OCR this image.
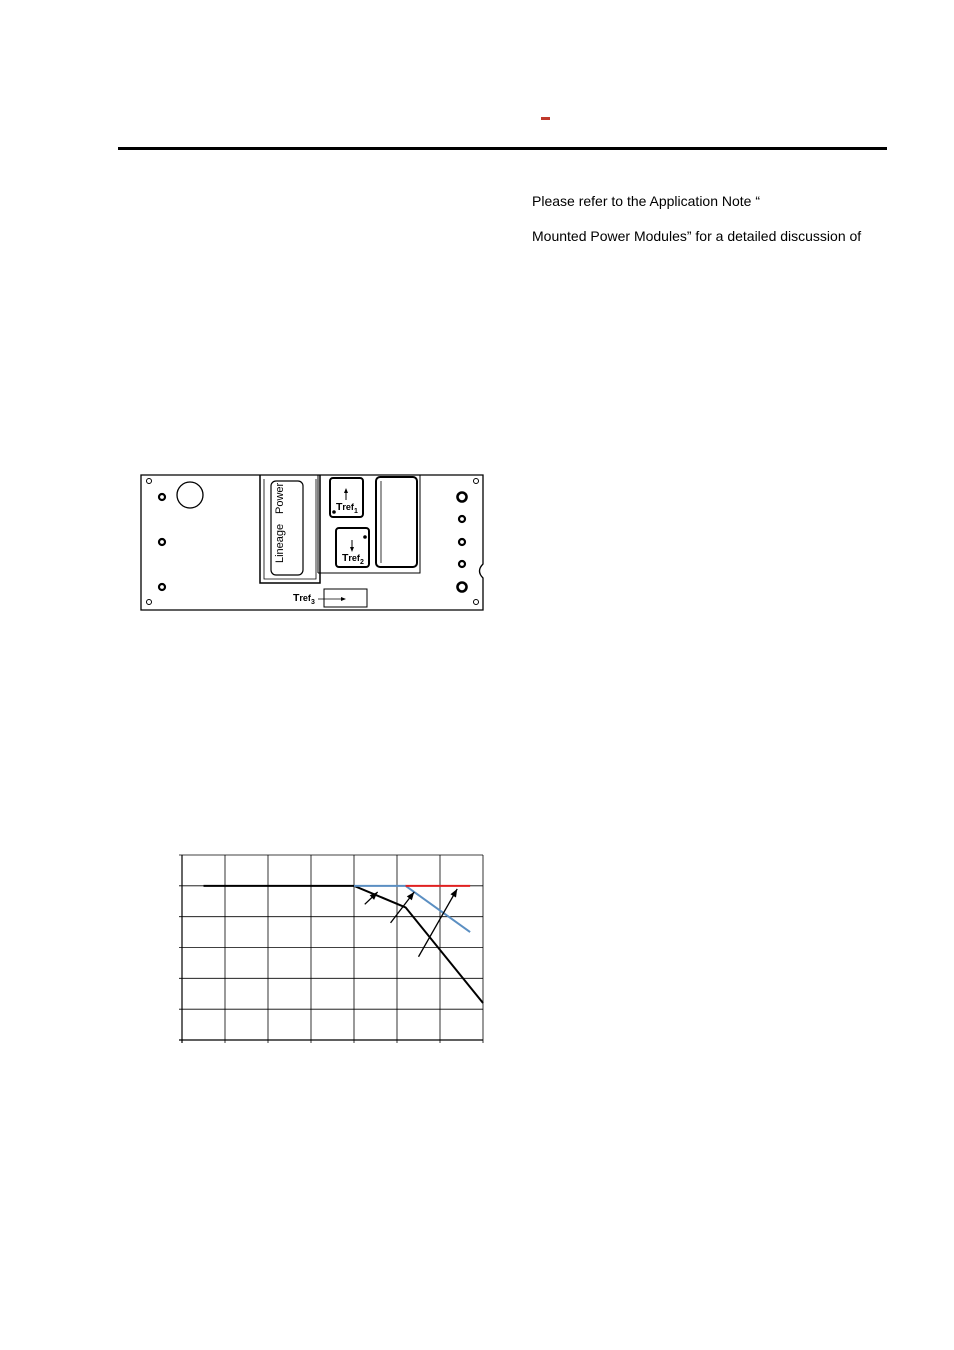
Please refer to the Application Note “
Mounted Power Modules” for a detailed discussion of
Lineage
Power	Tref$_1$
Tref$_2$
Tref$_3$
